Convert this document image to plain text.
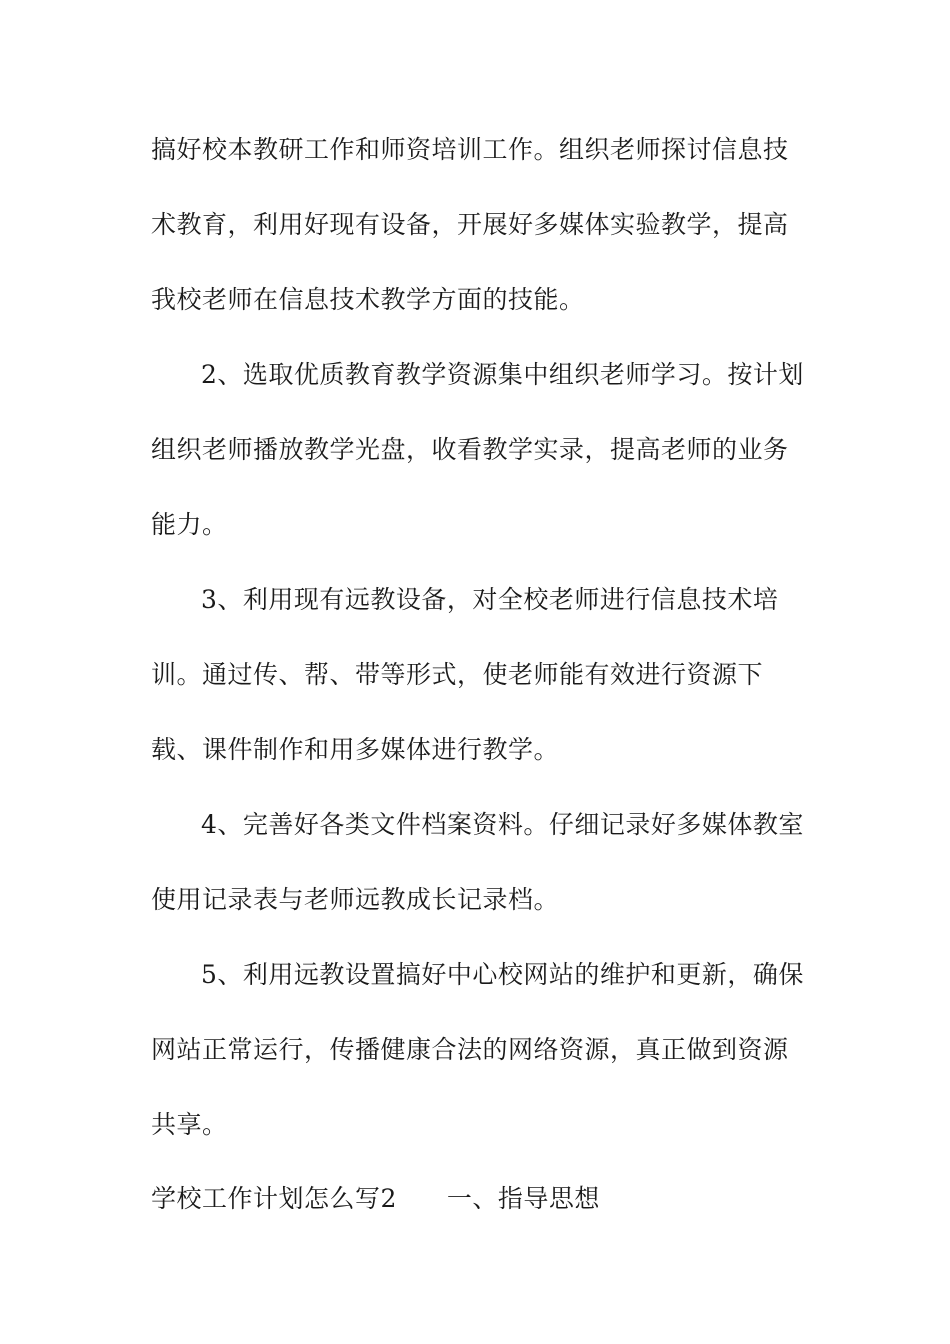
搞好校本教研工作和师资培训工作。组织老师探讨信息技
术教育，利用好现有设备，开展好多媒体实验教学，提高
我校老师在信息技术教学方面的技能。
2、选取优质教育教学资源集中组织老师学习。按计划
组织老师播放教学光盘，收看教学实录，提高老师的业务
能力。
3、利用现有远教设备，对全校老师进行信息技术培
训。通过传、帮、带等形式，使老师能有效进行资源下
载、课件制作和用多媒体进行教学。
4、完善好各类文件档案资料。仔细记录好多媒体教室
使用记录表与老师远教成长记录档。
5、利用远教设置搞好中心校网站的维护和更新，确保
网站正常运行，传播健康合法的网络资源，真正做到资源
共享。
学校工作计划怎么写2 一、指导思想
